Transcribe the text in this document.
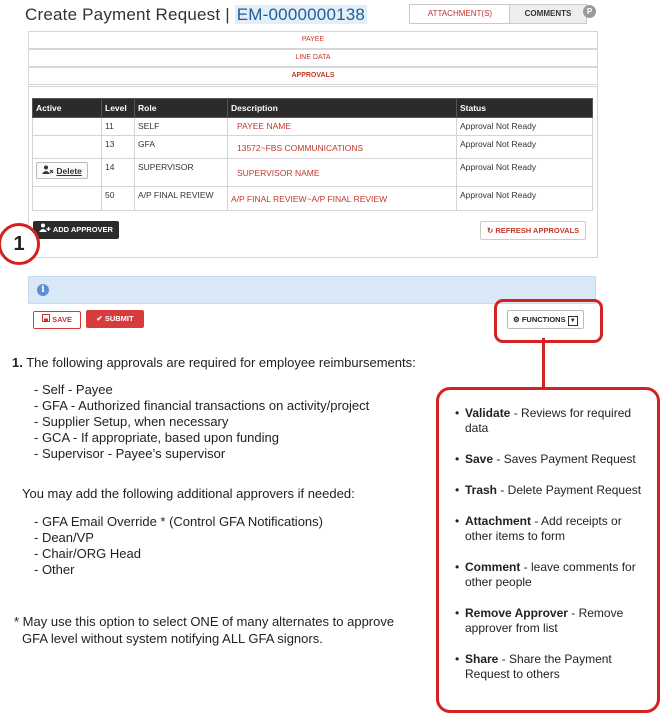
Create Payment Request | EM-0000000138	ATTACHMENT(S)	COMMENTS	P
PAYEE
LINE DATA
APPROVALS
Active	Level	Role	Description	Status
	11	SELF	PAYEE NAME	Approval Not Ready
	13	GFA	13572~FBS COMMUNICATIONS	Approval Not Ready
Delete	14	SUPERVISOR	SUPERVISOR NAME	Approval Not Ready
	50	A/P FINAL REVIEW	A/P FINAL REVIEW~A/P FINAL REVIEW	Approval Not Ready
ADD APPROVER	↻ REFRESH APPROVALS
i
SAVE	✔ SUBMIT	⚙ FUNCTIONS ▼
1
1. The following approvals are required for employee reimbursements:
- Self - Payee
- GFA - Authorized financial transactions on activity/project
- Supplier Setup, when necessary
- GCA - If appropriate, based upon funding
- Supervisor - Payee’s supervisor
You may add the following additional approvers if needed:
- GFA Email Override * (Control GFA Notifications)
- Dean/VP
- Chair/ORG Head
- Other
* May use this option to select ONE of many alternates to approve
GFA level without system notifying ALL GFA signors.
• Validate - Reviews for required data
• Save - Saves Payment Request
• Trash - Delete Payment Request
• Attachment - Add receipts or other items to form
• Comment - leave comments for other people
• Remove Approver - Remove approver from list
• Share - Share the Payment Request to others
